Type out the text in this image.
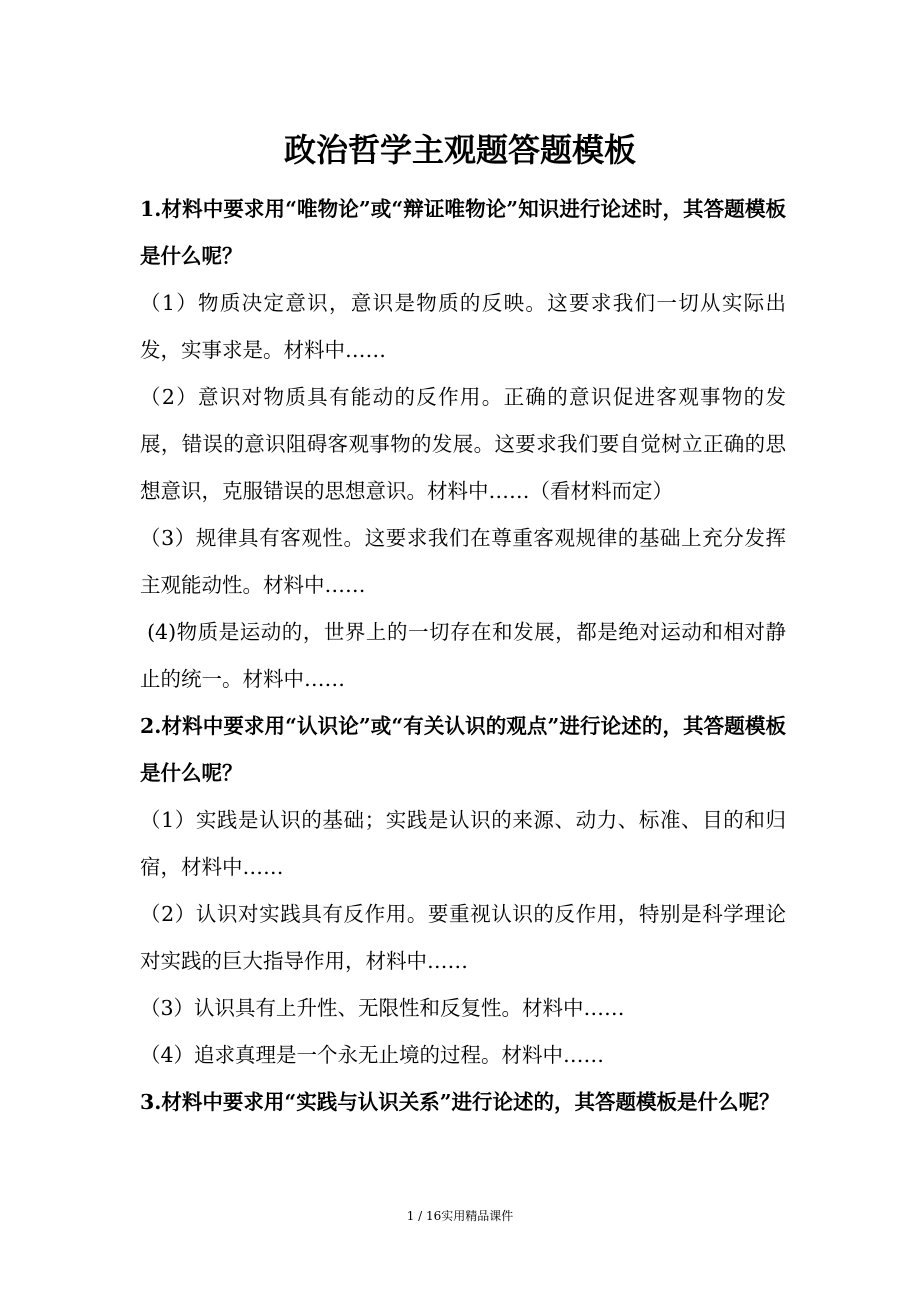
政治哲学主观题答题模板

1.材料中要求用“唯物论”或“辩证唯物论”知识进行论述时，其答题模板是什么呢？

（1）物质决定意识，意识是物质的反映。这要求我们一切从实际出发，实事求是。材料中……

（2）意识对物质具有能动的反作用。正确的意识促进客观事物的发展，错误的意识阻碍客观事物的发展。这要求我们要自觉树立正确的思想意识，克服错误的思想意识。材料中……（看材料而定）

（3）规律具有客观性。这要求我们在尊重客观规律的基础上充分发挥主观能动性。材料中……

(4)物质是运动的，世界上的一切存在和发展，都是绝对运动和相对静止的统一。材料中……

2.材料中要求用“认识论”或“有关认识的观点”进行论述的，其答题模板是什么呢？

（1）实践是认识的基础；实践是认识的来源、动力、标准、目的和归宿，材料中……

（2）认识对实践具有反作用。要重视认识的反作用，特别是科学理论对实践的巨大指导作用，材料中……

（3）认识具有上升性、无限性和反复性。材料中……

（4）追求真理是一个永无止境的过程。材料中……

3.材料中要求用“实践与认识关系”进行论述的，其答题模板是什么呢？

1 / 16实用精品课件
